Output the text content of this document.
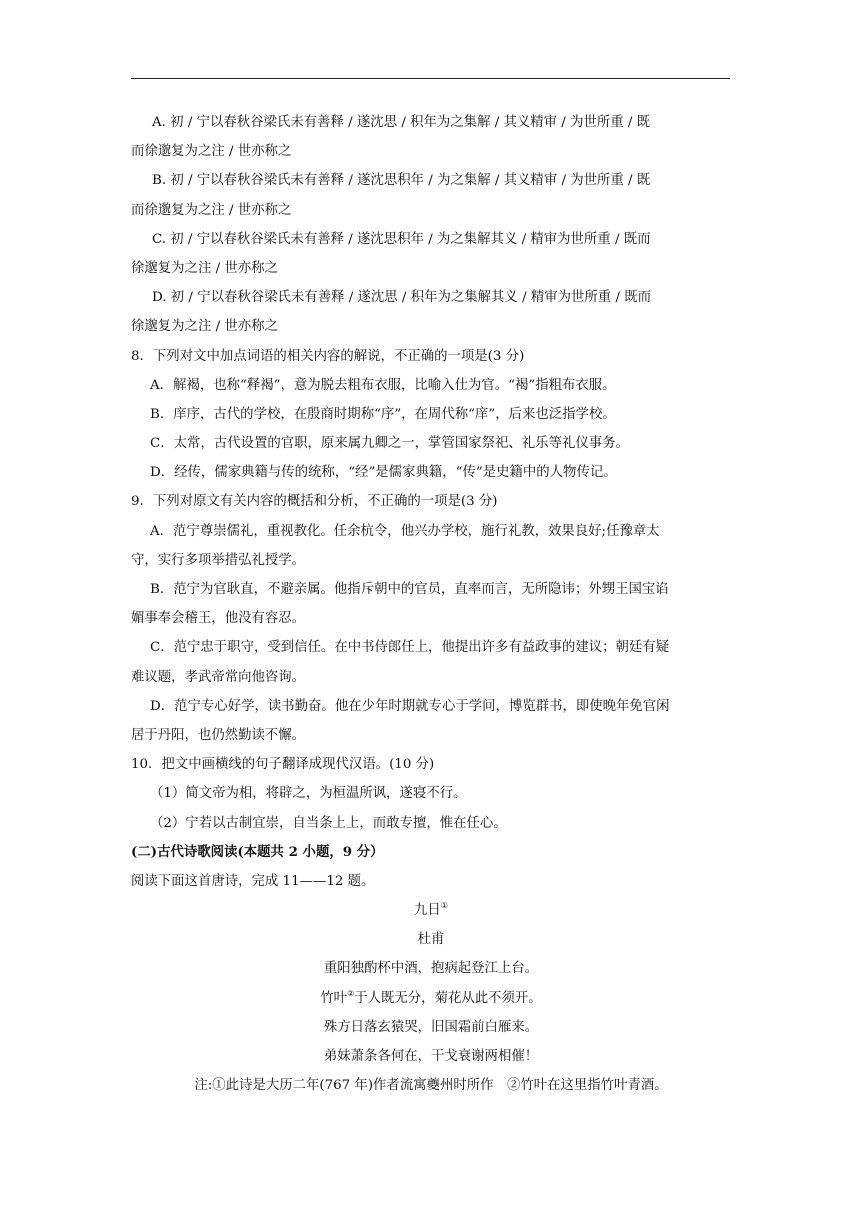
A. 初 / 宁以春秋谷梁氏未有善释 / 遂沈思 / 积年为之集解 / 其义精审 / 为世所重 / 既
而徐邈复为之注 / 世亦称之
B. 初 / 宁以春秋谷梁氏未有善释 / 遂沈思积年 / 为之集解 / 其义精审 / 为世所重 / 既
而徐邈复为之注 / 世亦称之
C. 初 / 宁以春秋谷梁氏未有善释 / 遂沈思积年 / 为之集解其义 / 精审为世所重 / 既而
徐邈复为之注 / 世亦称之
D. 初 / 宁以春秋谷梁氏未有善释 / 遂沈思 / 积年为之集解其义 / 精审为世所重 / 既而
徐邈复为之注 / 世亦称之
8．下列对文中加点词语的相关内容的解说，不正确的一项是(3 分)
A．解褐，也称“释褐”，意为脱去粗布衣服，比喻入仕为官。“褐”指粗布衣服。
B．庠序，古代的学校，在殷商时期称“序”，在周代称“庠”，后来也泛指学校。
C．太常，古代设置的官职，原来属九卿之一，掌管国家祭祀、礼乐等礼仪事务。
D．经传，儒家典籍与传的统称，“经”是儒家典籍，“传”是史籍中的人物传记。
9．下列对原文有关内容的概括和分析，不正确的一项是(3 分)
A．范宁尊崇儒礼，重视教化。任余杭令，他兴办学校，施行礼教，效果良好;任豫章太
守，实行多项举措弘礼授学。
B．范宁为官耿直，不避亲属。他指斥朝中的官员，直率而言，无所隐讳；外甥王国宝谄
媚事奉会稽王，他没有容忍。
C．范宁忠于职守，受到信任。在中书侍郎任上，他提出许多有益政事的建议；朝廷有疑
难议题，孝武帝常向他咨询。
D．范宁专心好学，读书勤奋。他在少年时期就专心于学问，博览群书，即使晚年免官闲
居于丹阳，也仍然勤读不懈。
10．把文中画横线的句子翻译成现代汉语。(10 分)
（1）简文帝为相，将辟之，为桓温所讽，遂寝不行。
（2）宁若以古制宜崇，自当条上上，而敢专擅，惟在任心。
(二)古代诗歌阅读(本题共 2 小题，9 分）
阅读下面这首唐诗，完成 11——12 题。
九日①
杜甫
重阳独酌杯中酒，抱病起登江上台。
竹叶②于人既无分，菊花从此不须开。
殊方日落玄猿哭，旧国霜前白雁来。
弟妹萧条各何在，干戈衰谢两相催！
注:①此诗是大历二年(767 年)作者流寓夔州时所作　②竹叶在这里指竹叶青酒。
